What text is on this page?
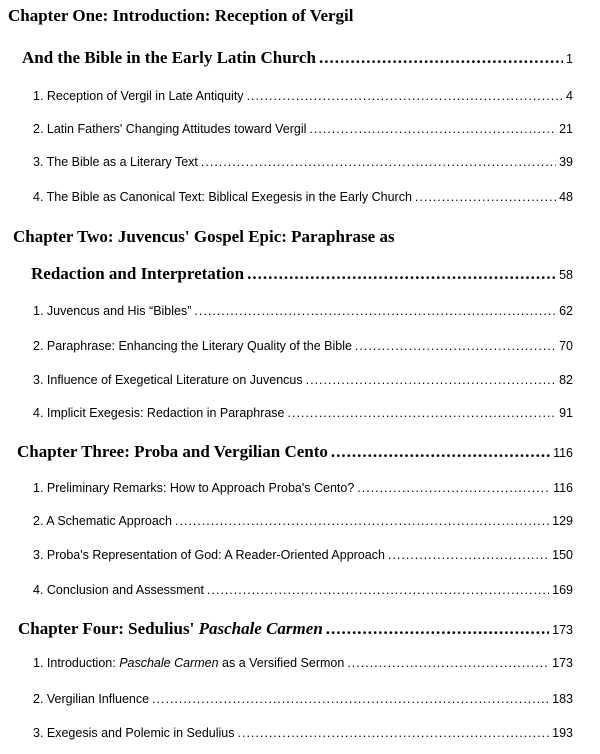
Chapter One: Introduction: Reception of Vergil
And the Bible in the Early Latin Church .....	1
1. Reception of Vergil in Late Antiquity .....	4
2. Latin Fathers' Changing Attitudes toward Vergil .....	21
3. The Bible as a Literary Text .....	39
4. The Bible as Canonical Text: Biblical Exegesis in the Early Church .....	48
Chapter Two: Juvencus' Gospel Epic: Paraphrase as
Redaction and Interpretation .....	58
1. Juvencus and His “Bibles” .....	62
2. Paraphrase: Enhancing the Literary Quality of the Bible .....	70
3. Influence of Exegetical Literature on Juvencus .....	82
4. Implicit Exegesis: Redaction in Paraphrase .....	91
Chapter Three: Proba and Vergilian Cento .....	116
1. Preliminary Remarks: How to Approach Proba's Cento? .....	116
2. A Schematic Approach .....	129
3. Proba's Representation of God: A Reader-Oriented Approach .....	150
4. Conclusion and Assessment .....	169
Chapter Four: Sedulius'
Paschale Carmen .....	173
1. Introduction:
Paschale Carmen
as a Versified Sermon .....	173
2. Vergilian Influence .....	183
3. Exegesis and Polemic in Sedulius .....	193
